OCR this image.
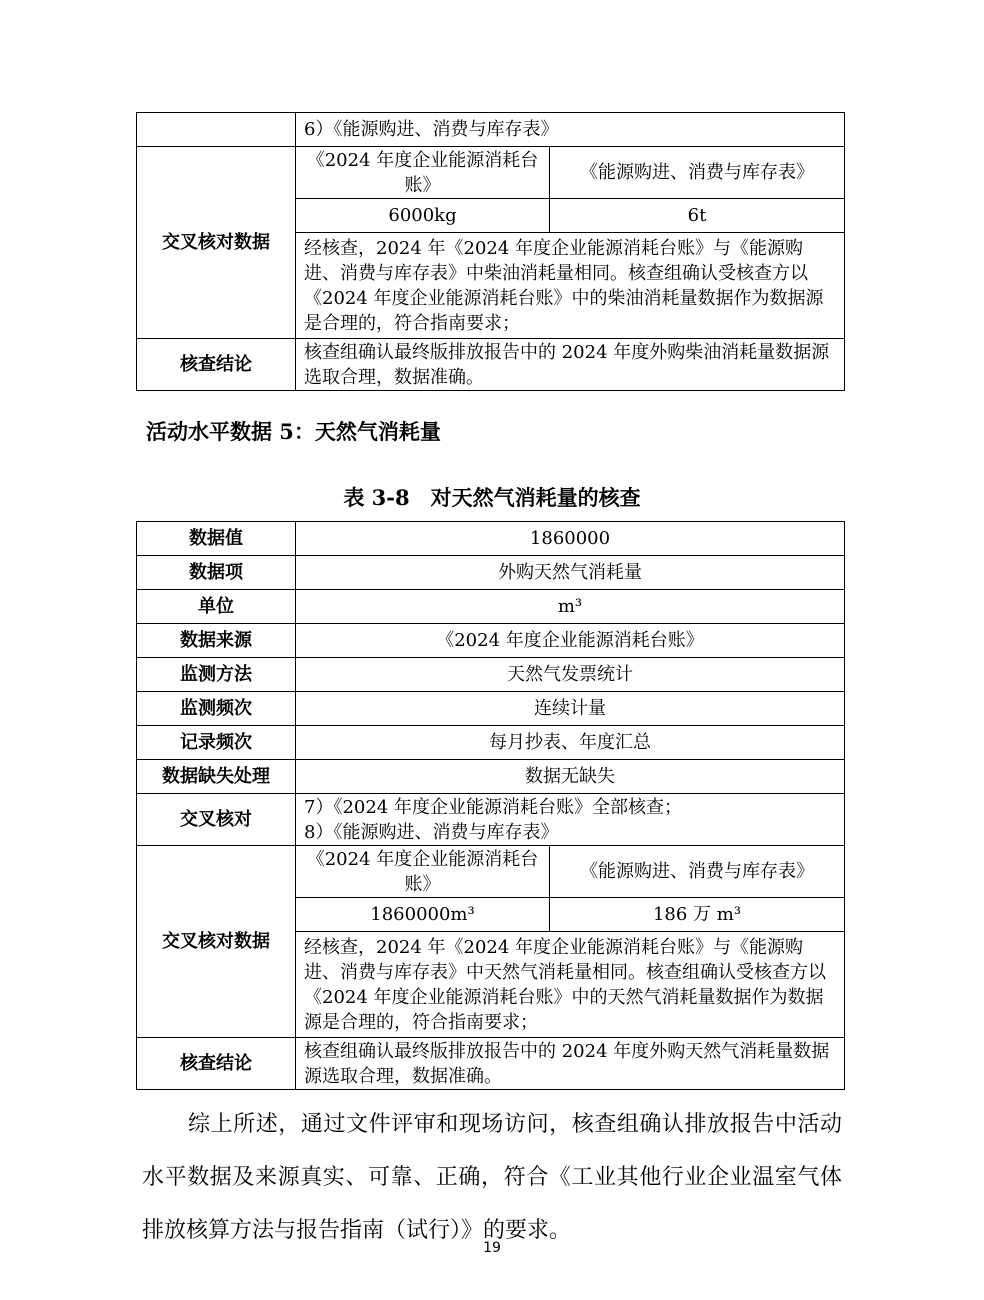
	6）《能源购进、消费与库存表》	
交叉核对数据	《2024 年度企业能源消耗台账》	《能源购进、消费与库存表》
	6000kg	6t
	经核查，2024 年《2024 年度企业能源消耗台账》与《能源购进、消费与库存表》中柴油消耗量相同。核查组确认受核查方以《2024 年度企业能源消耗台账》中的柴油消耗量数据作为数据源是合理的，符合指南要求；	
核查结论	核查组确认最终版排放报告中的 2024 年度外购柴油消耗量数据源选取合理，数据准确。	
活动水平数据 5：天然气消耗量
表 3-8　对天然气消耗量的核查
数据值	1860000	
数据项	外购天然气消耗量	
单位	m³	
数据来源	《2024 年度企业能源消耗台账》	
监测方法	天然气发票统计	
监测频次	连续计量	
记录频次	每月抄表、年度汇总	
数据缺失处理	数据无缺失	
交叉核对	7）《2024 年度企业能源消耗台账》全部核查；
8）《能源购进、消费与库存表》	

交叉核对数据	《2024 年度企业能源消耗台账》	《能源购进、消费与库存表》
	1860000m³	186 万 m³
	经核查，2024 年《2024 年度企业能源消耗台账》与《能源购进、消费与库存表》中天然气消耗量相同。核查组确认受核查方以《2024 年度企业能源消耗台账》中的天然气消耗量数据作为数据源是合理的，符合指南要求；	
核查结论	核查组确认最终版排放报告中的 2024 年度外购天然气消耗量数据源选取合理，数据准确。	
综上所述，通过文件评审和现场访问，核查组确认排放报告中活动水平数据及来源真实、可靠、正确，符合《工业其他行业企业温室气体排放核算方法与报告指南（试行）》的要求。
19
